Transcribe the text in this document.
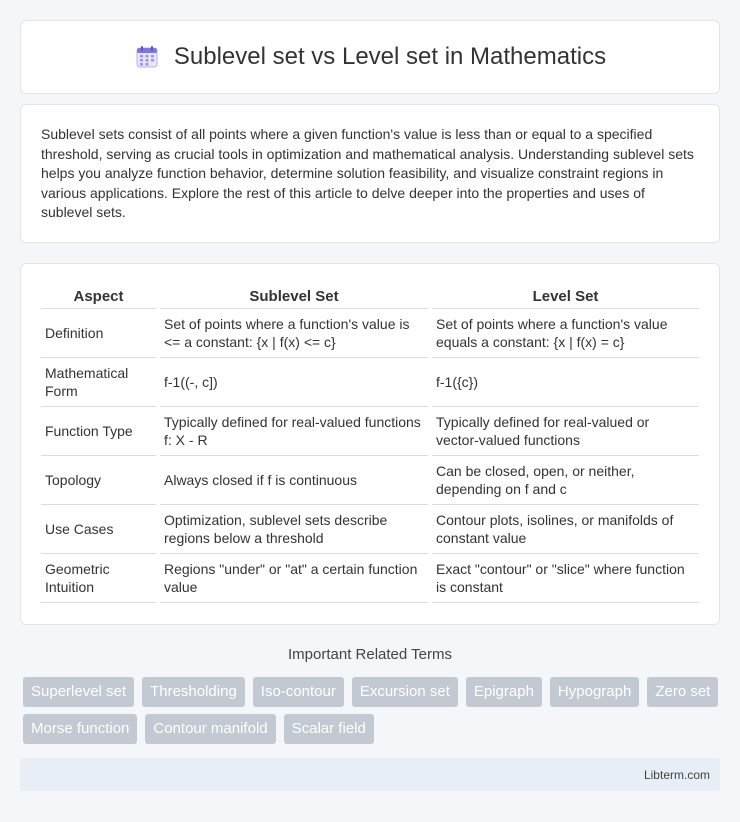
Sublevel set vs Level set in Mathematics

Sublevel sets consist of all points where a given function's value is less than or equal to a specified threshold, serving as crucial tools in optimization and mathematical analysis. Understanding sublevel sets helps you analyze function behavior, determine solution feasibility, and visualize constraint regions in various applications. Explore the rest of this article to delve deeper into the properties and uses of sublevel sets.

Aspect	Sublevel Set	Level Set
Definition	Set of points where a function's value is <= a constant: {x | f(x) <= c}	Set of points where a function's value equals a constant: {x | f(x) = c}
Mathematical Form	f-1((-, c])	f-1({c})
Function Type	Typically defined for real-valued functions f: X - R	Typically defined for real-valued or vector-valued functions
Topology	Always closed if f is continuous	Can be closed, open, or neither, depending on f and c
Use Cases	Optimization, sublevel sets describe regions below a threshold	Contour plots, isolines, or manifolds of constant value
Geometric Intuition	Regions "under" or "at" a certain function value	Exact "contour" or "slice" where function is constant
Important Related Terms
Superlevel set	Thresholding	Iso-contour	Excursion set	Epigraph	Hypograph	Zero set
Morse function	Contour manifold	Scalar field
Libterm.com
